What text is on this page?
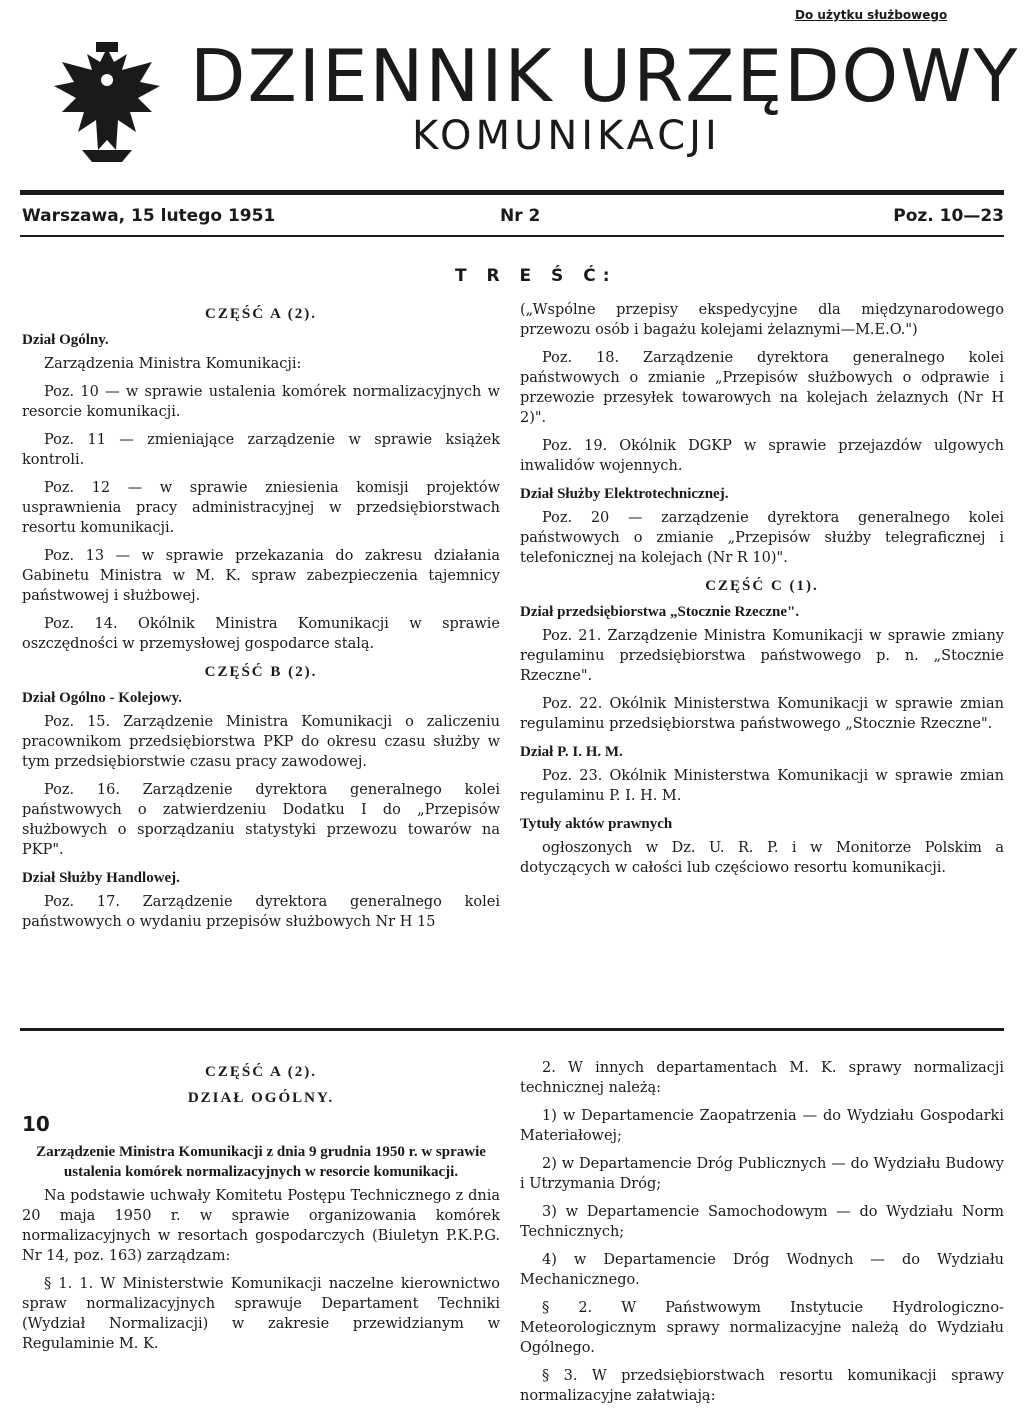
Do użytku służbowego
DZIENNIK URZĘDOWY
KOMUNIKACJI
Warszawa, 15 lutego 1951	Nr 2	Poz. 10—23
T R E Ś Ć:

CZĘŚĆ A (2).

Dział Ogólny.

Zarządzenia Ministra Komunikacji:

Poz. 10 — w sprawie ustalenia komórek normalizacyjnych w resorcie komunikacji.

Poz. 11 — zmieniające zarządzenie w sprawie książek kontroli.

Poz. 12 — w sprawie zniesienia komisji projektów usprawnienia pracy administracyjnej w przedsiębiorstwach resortu komunikacji.

Poz. 13 — w sprawie przekazania do zakresu działania Gabinetu Ministra w M. K. spraw zabezpieczenia tajemnicy państwowej i służbowej.

Poz. 14. Okólnik Ministra Komunikacji w sprawie oszczędności w przemysłowej gospodarce stalą.

CZĘŚĆ B (2).

Dział Ogólno - Kolejowy.

Poz. 15. Zarządzenie Ministra Komunikacji o zaliczeniu pracownikom przedsiębiorstwa PKP do okresu czasu służby w tym przedsiębiorstwie czasu pracy zawodowej.

Poz. 16. Zarządzenie dyrektora generalnego kolei państwowych o zatwierdzeniu Dodatku I do „Przepisów służbowych o sporządzaniu statystyki przewozu towarów na PKP".

Dział Służby Handlowej.

Poz. 17. Zarządzenie dyrektora generalnego kolei państwowych o wydaniu przepisów służbowych Nr H 15

(„Wspólne przepisy ekspedycyjne dla międzynarodowego przewozu osób i bagażu kolejami żelaznymi—M.E.O.")

Poz. 18. Zarządzenie dyrektora generalnego kolei państwowych o zmianie „Przepisów służbowych o odprawie i przewozie przesyłek towarowych na kolejach żelaznych (Nr H 2)".

Poz. 19. Okólnik DGKP w sprawie przejazdów ulgowych inwalidów wojennych.

Dział Służby Elektrotechnicznej.

Poz. 20 — zarządzenie dyrektora generalnego kolei państwowych o zmianie „Przepisów służby telegraficznej i telefonicznej na kolejach (Nr R 10)".

CZĘŚĆ C (1).

Dział przedsiębiorstwa „Stocznie Rzeczne".

Poz. 21. Zarządzenie Ministra Komunikacji w sprawie zmiany regulaminu przedsiębiorstwa państwowego p. n. „Stocznie Rzeczne".

Poz. 22. Okólnik Ministerstwa Komunikacji w sprawie zmian regulaminu przedsiębiorstwa państwowego „Stocznie Rzeczne".

Dział P. I. H. M.

Poz. 23. Okólnik Ministerstwa Komunikacji w sprawie zmian regulaminu P. I. H. M.

Tytuły aktów prawnych

ogłoszonych w Dz. U. R. P. i w Monitorze Polskim a dotyczących w całości lub częściowo resortu komunikacji.

CZĘŚĆ A (2).

DZIAŁ OGÓLNY.

10

Zarządzenie Ministra Komunikacji z dnia 9 grudnia 1950 r. w sprawie ustalenia komórek normalizacyjnych w resorcie komunikacji.

Na podstawie uchwały Komitetu Postępu Technicznego z dnia 20 maja 1950 r. w sprawie organizowania komórek normalizacyjnych w resortach gospodarczych (Biuletyn P.K.P.G. Nr 14, poz. 163) zarządzam:

§ 1. 1. W Ministerstwie Komunikacji naczelne kierownictwo spraw normalizacyjnych sprawuje Departament Techniki (Wydział Normalizacji) w zakresie przewidzianym w Regulaminie M. K.

2. W innych departamentach M. K. sprawy normalizacji technicznej należą:

1) w Departamencie Zaopatrzenia — do Wydziału Gospodarki Materiałowej;

2) w Departamencie Dróg Publicznych — do Wydziału Budowy i Utrzymania Dróg;

3) w Departamencie Samochodowym — do Wydziału Norm Technicznych;

4) w Departamencie Dróg Wodnych — do Wydziału Mechanicznego.

§ 2. W Państwowym Instytucie Hydrologiczno-Meteorologicznym sprawy normalizacyjne należą do Wydziału Ogólnego.

§ 3. W przedsiębiorstwach resortu komunikacji sprawy normalizacyjne załatwiają:
